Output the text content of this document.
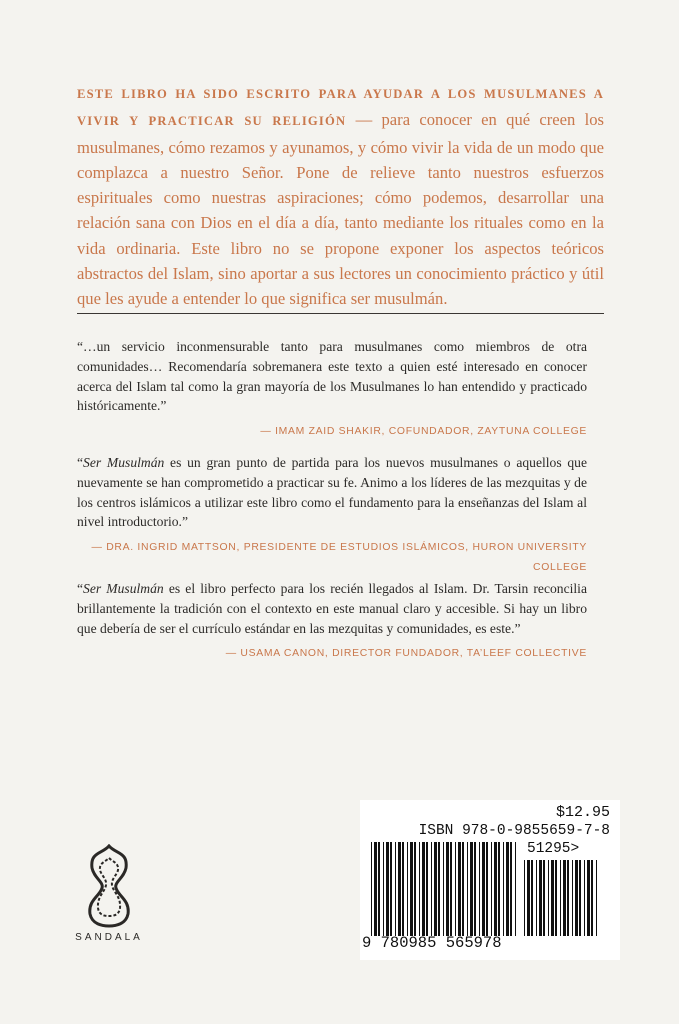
ESTE LIBRO HA SIDO ESCRITO PARA AYUDAR A LOS MUSULMANES A VIVIR Y PRACTICAR SU RELIGIÓN — para conocer en qué creen los musulmanes, cómo rezamos y ayunamos, y cómo vivir la vida de un modo que complazca a nuestro Señor. Pone de relieve tanto nuestros esfuerzos espirituales como nuestras aspiraciones; cómo podemos, desarrollar una relación sana con Dios en el día a día, tanto mediante los rituales como en la vida ordinaria. Este libro no se propone exponer los aspectos teóricos abstractos del Islam, sino aportar a sus lectores un conocimiento práctico y útil que les ayude a entender lo que significa ser musulmán.

“…un servicio inconmensurable tanto para musulmanes como miembros de otra comunidades… Recomendaría sobremanera este texto a quien esté interesado en conocer acerca del Islam tal como la gran mayoría de los Musulmanes lo han entendido y practicado históricamente.”

— IMAM ZAID SHAKIR, COFUNDADOR, ZAYTUNA COLLEGE

“Ser Musulmán es un gran punto de partida para los nuevos musulmanes o aquellos que nuevamente se han comprometido a practicar su fe. Animo a los líderes de las mezquitas y de los centros islámicos a utilizar este libro como el fundamento para la enseñanzas del Islam al nivel introductorio.”

— DRA. INGRID MATTSON, PRESIDENTE DE ESTUDIOS ISLÁMICOS, HURON UNIVERSITY COLLEGE

“Ser Musulmán es el libro perfecto para los recién llegados al Islam. Dr. Tarsin reconcilia brillantemente la tradición con el contexto en este manual claro y accesible. Si hay un libro que debería de ser el currículo estándar en las mezquitas y comunidades, es este.”

— USAMA CANON, DIRECTOR FUNDADOR, TA’LEEF COLLECTIVE
SANDALA
$12.95
ISBN 978-0-9855659-7-8
51295>
9 780985 565978
